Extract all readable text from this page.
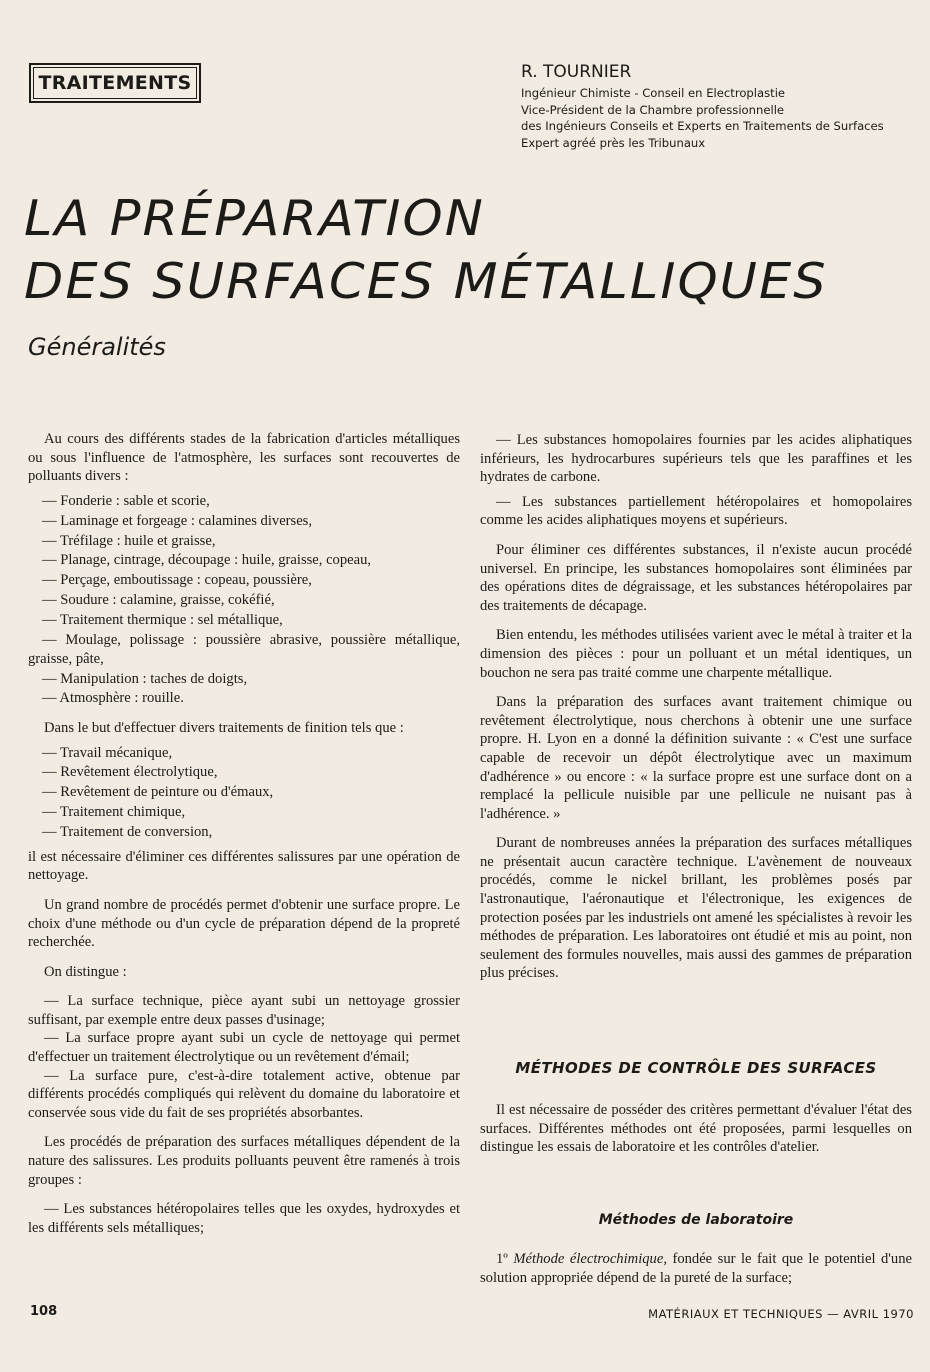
TRAITEMENTS	R. TOURNIER
Ingénieur Chimiste - Conseil en Electroplastie
Vice-Président de la Chambre professionnelle
des Ingénieurs Conseils et Experts en Traitements de Surfaces
Expert agréé près les Tribunaux
LA PRÉPARATION
DES SURFACES MÉTALLIQUES
Généralités

Au cours des différents stades de la fabrication d'articles métalliques ou sous l'influence de l'atmosphère, les surfaces sont recouvertes de polluants divers :

— Fonderie : sable et scorie,

— Laminage et forgeage : calamines diverses,

— Tréfilage : huile et graisse,

— Planage, cintrage, découpage : huile, graisse, copeau,

— Perçage, emboutissage : copeau, poussière,

— Soudure : calamine, graisse, cokéfié,

— Traitement thermique : sel métallique,

— Moulage, polissage : poussière abrasive, poussière métallique, graisse, pâte,

— Manipulation : taches de doigts,

— Atmosphère : rouille.

Dans le but d'effectuer divers traitements de finition tels que :

— Travail mécanique,

— Revêtement électrolytique,

— Revêtement de peinture ou d'émaux,

— Traitement chimique,

— Traitement de conversion,

il est nécessaire d'éliminer ces différentes salissures par une opération de nettoyage.

Un grand nombre de procédés permet d'obtenir une surface propre. Le choix d'une méthode ou d'un cycle de préparation dépend de la propreté recherchée.

On distingue :

— La surface technique, pièce ayant subi un nettoyage grossier suffisant, par exemple entre deux passes d'usinage;

— La surface propre ayant subi un cycle de nettoyage qui permet d'effectuer un traitement électrolytique ou un revêtement d'émail;

— La surface pure, c'est-à-dire totalement active, obtenue par différents procédés compliqués qui relèvent du domaine du laboratoire et conservée sous vide du fait de ses propriétés absorbantes.

Les procédés de préparation des surfaces métalliques dépendent de la nature des salissures. Les produits polluants peuvent être ramenés à trois groupes :

— Les substances hétéropolaires telles que les oxydes, hydroxydes et les différents sels métalliques;

— Les substances homopolaires fournies par les acides aliphatiques inférieurs, les hydrocarbures supérieurs tels que les paraffines et les hydrates de carbone.

— Les substances partiellement hétéropolaires et homopolaires comme les acides aliphatiques moyens et supérieurs.

Pour éliminer ces différentes substances, il n'existe aucun procédé universel. En principe, les substances homopolaires sont éliminées par des opérations dites de dégraissage, et les substances hétéropolaires par des traitements de décapage.

Bien entendu, les méthodes utilisées varient avec le métal à traiter et la dimension des pièces : pour un polluant et un métal identiques, un bouchon ne sera pas traité comme une charpente métallique.

Dans la préparation des surfaces avant traitement chimique ou revêtement électrolytique, nous cherchons à obtenir une une surface propre. H. Lyon en a donné la définition suivante : « C'est une surface capable de recevoir un dépôt électrolytique avec un maximum d'adhérence » ou encore : « la surface propre est une surface dont on a remplacé la pellicule nuisible par une pellicule ne nuisant pas à l'adhérence. »

Durant de nombreuses années la préparation des surfaces métalliques ne présentait aucun caractère technique. L'avènement de nouveaux procédés, comme le nickel brillant, les problèmes posés par l'astronautique, l'aéronautique et l'électronique, les exigences de protection posées par les industriels ont amené les spécialistes à revoir les méthodes de préparation. Les laboratoires ont étudié et mis au point, non seulement des formules nouvelles, mais aussi des gammes de préparation plus précises.

MÉTHODES DE CONTRÔLE DES SURFACES

Il est nécessaire de posséder des critères permettant d'évaluer l'état des surfaces. Différentes méthodes ont été proposées, parmi lesquelles on distingue les essais de laboratoire et les contrôles d'atelier.

Méthodes de laboratoire

1º Méthode électrochimique, fondée sur le fait que le potentiel d'une solution appropriée dépend de la pureté de la surface;

108	MATÉRIAUX ET TECHNIQUES — AVRIL 1970
